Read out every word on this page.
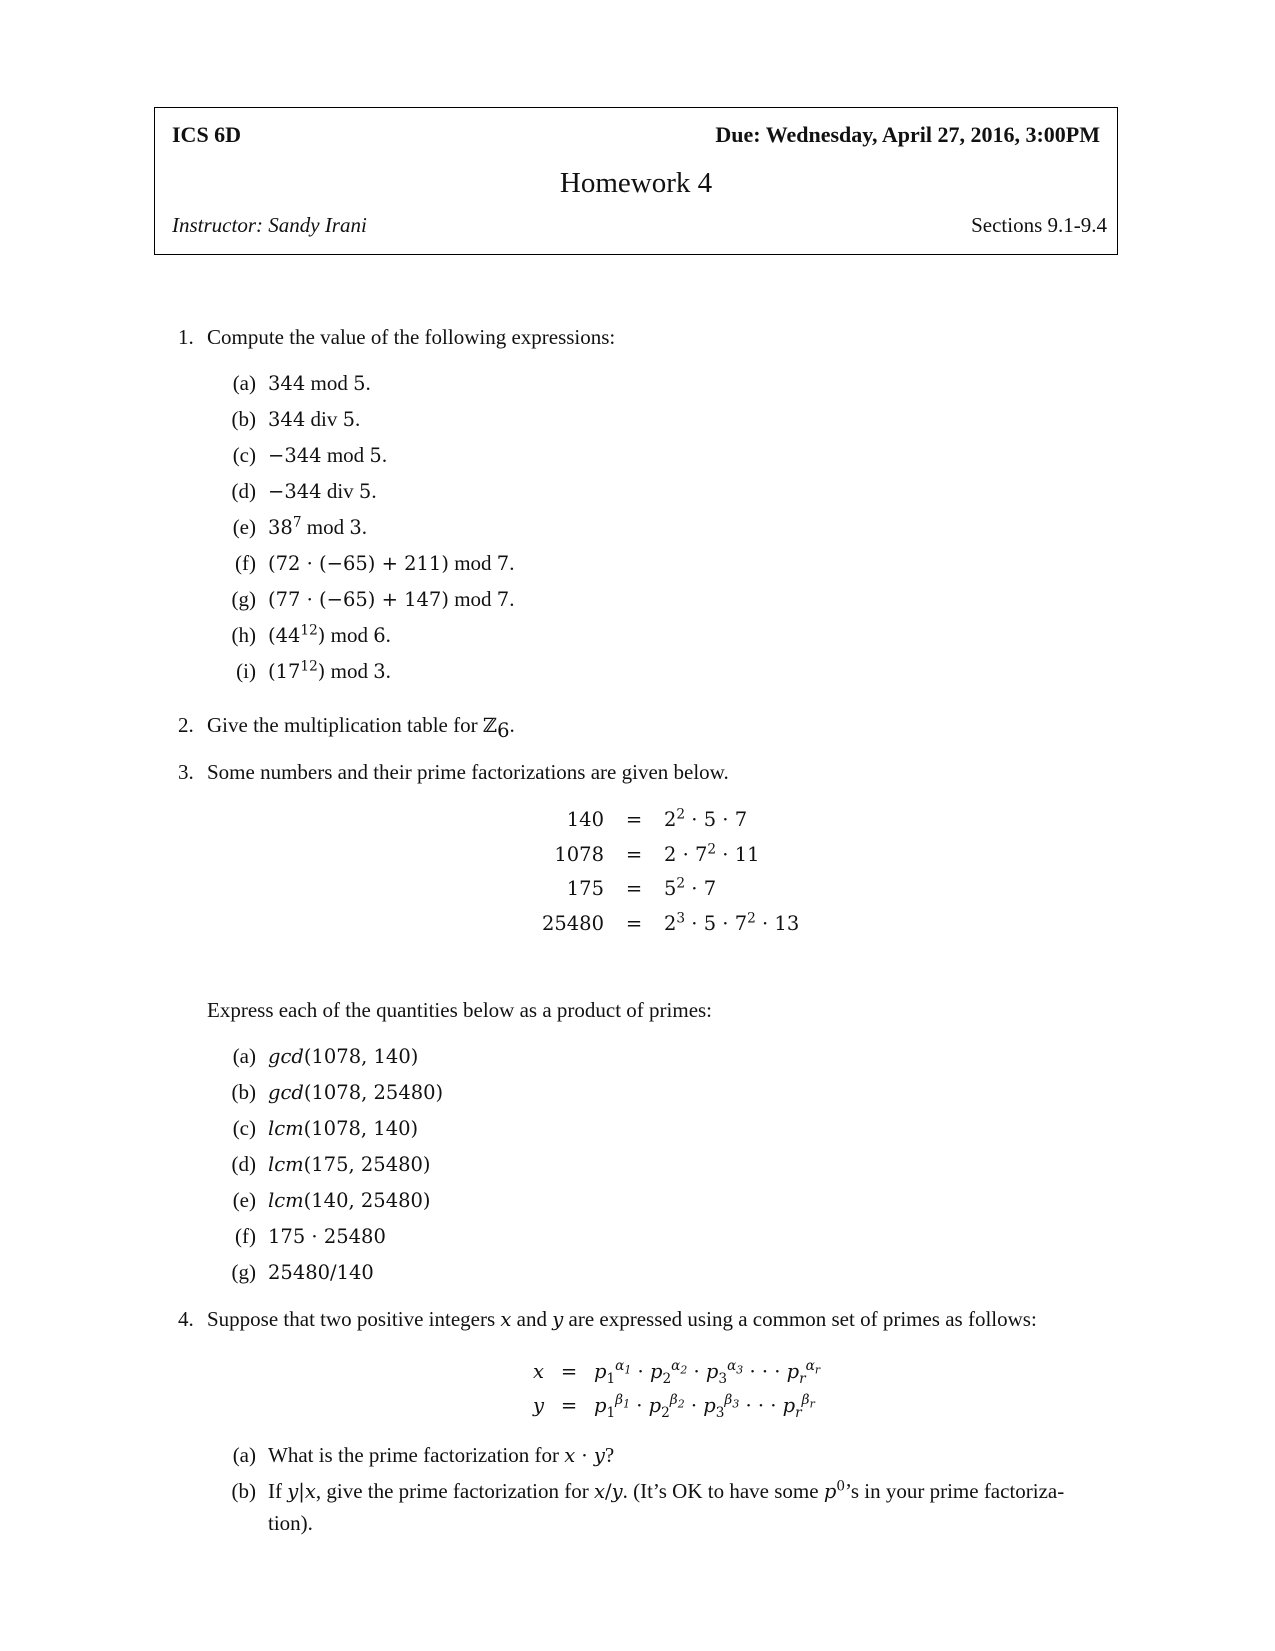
ICS 6D	Due: Wednesday, April 27, 2016, 3:00PM
Homework 4
Instructor: Sandy Irani	Sections 9.1-9.4
1. Compute the value of the following expressions:
(a) 344 mod 5.
(b) 344 div 5.
(c) −344 mod 5.
(d) −344 div 5.
(e) $38^7$ mod 3.
(f) (72 · (−65) + 211) mod 7.
(g) (77 · (−65) + 147) mod 7.
(h) $(44^{12})$ mod 6.
(i) $(17^{12})$ mod 3.
2. Give the multiplication table for ℤ$_6$.
3. Some numbers and their prime factorizations are given below.
140	=	$2^2 \cdot 5 \cdot 7$
1078	=	$2 \cdot 7^2 \cdot 11$
175	=	$5^2 \cdot 7$
25480	=	$2^3 \cdot 5 \cdot 7^2 \cdot 13$
Express each of the quantities below as a product of primes:
(a) gcd(1078, 140)
(b) gcd(1078, 25480)
(c) lcm(1078, 140)
(d) lcm(175, 25480)
(e) lcm(140, 25480)
(f) 175 · 25480
(g) 25480/140
4. Suppose that two positive integers x and y are expressed using a common set of primes as follows:
x	=	$p_1^{\alpha_1} \cdot p_2^{\alpha_2} \cdot p_3^{\alpha_3}$ · · · $p_r^{\alpha_r}$
y	=	$p_1^{\beta_1} \cdot p_2^{\beta_2} \cdot p_3^{\beta_3}$ · · · $p_r^{\beta_r}$
(a) What is the prime factorization for x · y?
(b) If y|x, give the prime factorization for x/y. (It’s OK to have some $p^0’s$ in your prime factoriza-
tion).
